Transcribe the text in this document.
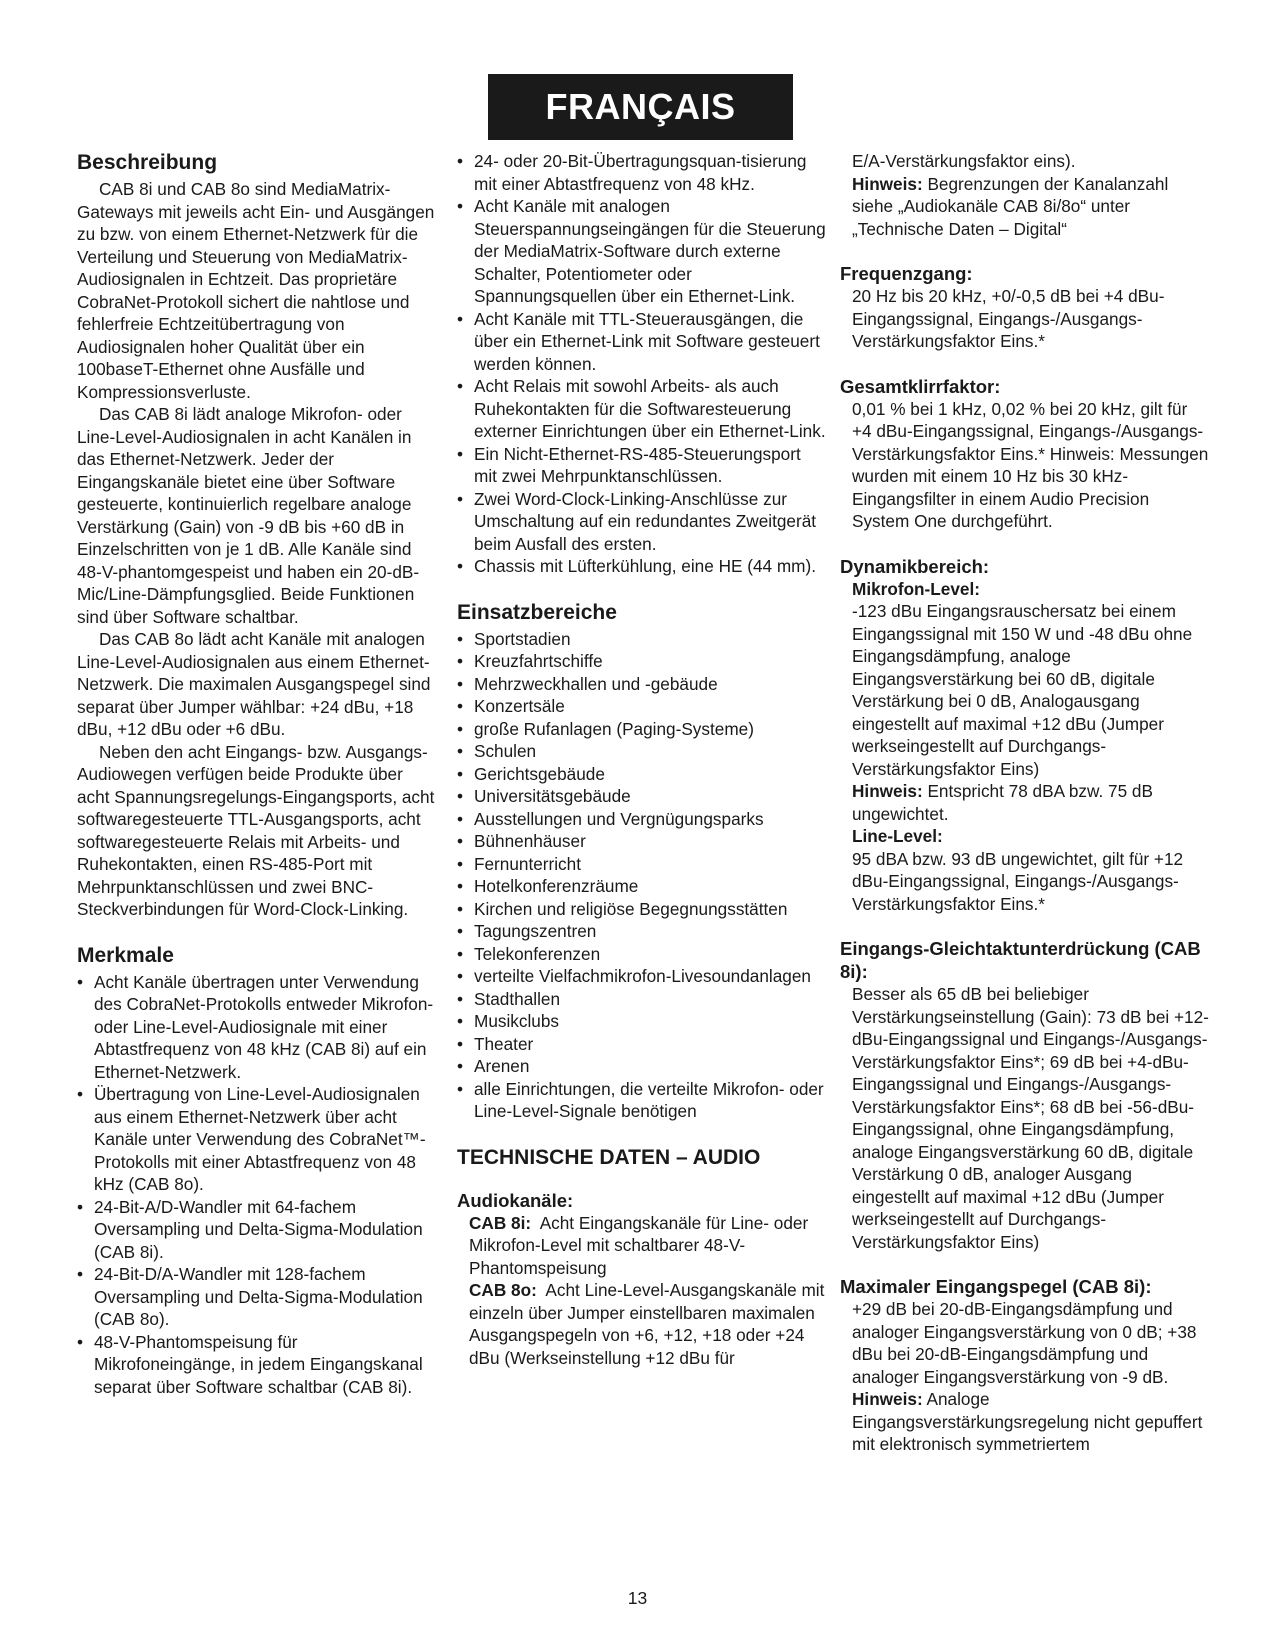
FRANÇAIS
Beschreibung

CAB 8i und CAB 8o sind MediaMatrix-Gateways mit jeweils acht Ein- und Ausgängen zu bzw. von einem Ethernet-Netzwerk für die Verteilung und Steuerung von MediaMatrix-Audiosignalen in Echtzeit. Das proprietäre CobraNet-Protokoll sichert die nahtlose und fehlerfreie Echtzeitübertragung von Audiosignalen hoher Qualität über ein 100baseT-Ethernet ohne Ausfälle und Kompressionsverluste.

Das CAB 8i lädt analoge Mikrofon- oder Line-Level-Audiosignalen in acht Kanälen in das Ethernet-Netzwerk. Jeder der Eingangskanäle bietet eine über Software gesteuerte, kontinuierlich regelbare analoge Verstärkung (Gain) von -9 dB bis +60 dB in Einzelschritten von je 1 dB. Alle Kanäle sind 48-V-phantomgespeist und haben ein 20-dB-Mic/Line-Dämpfungsglied. Beide Funktionen sind über Software schaltbar.

Das CAB 8o lädt acht Kanäle mit analogen Line-Level-Audiosignalen aus einem Ethernet-Netzwerk. Die maximalen Ausgangspegel sind separat über Jumper wählbar: +24 dBu, +18 dBu, +12 dBu oder +6 dBu.

Neben den acht Eingangs- bzw. Ausgangs-Audiowegen verfügen beide Produkte über acht Spannungsregelungs-Eingangsports, acht softwaregesteuerte TTL-Ausgangsports, acht softwaregesteuerte Relais mit Arbeits- und Ruhekontakten, einen RS-485-Port mit Mehrpunktanschlüssen und zwei BNC-Steckverbindungen für Word-Clock-Linking.

Merkmale
• Acht Kanäle übertragen unter Verwendung des CobraNet-Protokolls entweder Mikrofon- oder Line-Level-Audiosignale mit einer Abtastfrequenz von 48 kHz (CAB 8i) auf ein Ethernet-Netzwerk.
• Übertragung von Line-Level-Audiosignalen aus einem Ethernet-Netzwerk über acht Kanäle unter Verwendung des CobraNet™-Protokolls mit einer Abtastfrequenz von 48 kHz (CAB 8o).
• 24-Bit-A/D-Wandler mit 64-fachem Oversampling und Delta-Sigma-Modulation (CAB 8i).
• 24-Bit-D/A-Wandler mit 128-fachem Oversampling und Delta-Sigma-Modulation (CAB 8o).
• 48-V-Phantomspeisung für Mikrofoneingänge, in jedem Eingangskanal separat über Software schaltbar (CAB 8i).
• 24- oder 20-Bit-Übertragungsquan-tisierung mit einer Abtastfrequenz von 48 kHz.
• Acht Kanäle mit analogen Steuerspannungseingängen für die Steuerung der MediaMatrix-Software durch externe Schalter, Potentiometer oder Spannungsquellen über ein Ethernet-Link.
• Acht Kanäle mit TTL-Steuerausgängen, die über ein Ethernet-Link mit Software gesteuert werden können.
• Acht Relais mit sowohl Arbeits- als auch Ruhekontakten für die Softwaresteuerung externer Einrichtungen über ein Ethernet-Link.
• Ein Nicht-Ethernet-RS-485-Steuerungsport mit zwei Mehrpunktanschlüssen.
• Zwei Word-Clock-Linking-Anschlüsse zur Umschaltung auf ein redundantes Zweitgerät beim Ausfall des ersten.
• Chassis mit Lüfterkühlung, eine HE (44 mm).
Einsatzbereiche
• Sportstadien
• Kreuzfahrtschiffe
• Mehrzweckhallen und -gebäude
• Konzertsäle
• große Rufanlagen (Paging-Systeme)
• Schulen
• Gerichtsgebäude
• Universitätsgebäude
• Ausstellungen und Vergnügungsparks
• Bühnenhäuser
• Fernunterricht
• Hotelkonferenzräume
• Kirchen und religiöse Begegnungsstätten
• Tagungszentren
• Telekonferenzen
• verteilte Vielfachmikrofon-Livesoundanlagen
• Stadthallen
• Musikclubs
• Theater
• Arenen
• alle Einrichtungen, die verteilte Mikrofon- oder Line-Level-Signale benötigen
TECHNISCHE DATEN – AUDIO
Audiokanäle:

CAB 8i: Acht Eingangskanäle für Line- oder Mikrofon-Level mit schaltbarer 48-V-Phantomspeisung

CAB 8o: Acht Line-Level-Ausgangskanäle mit einzeln über Jumper einstellbaren maximalen Ausgangspegeln von +6, +12, +18 oder +24 dBu (Werkseinstellung +12 dBu für

E/A-Verstärkungsfaktor eins).

Hinweis: Begrenzungen der Kanalanzahl siehe „Audiokanäle CAB 8i/8o“ unter „Technische Daten – Digital“

Frequenzgang:

20 Hz bis 20 kHz, +0/-0,5 dB bei +4 dBu-Eingangssignal, Eingangs-/Ausgangs-Verstärkungsfaktor Eins.*

Gesamtklirrfaktor:

0,01 % bei 1 kHz, 0,02 % bei 20 kHz, gilt für +4 dBu-Eingangssignal, Eingangs-/Ausgangs-Verstärkungsfaktor Eins.* Hinweis: Messungen wurden mit einem 10 Hz bis 30 kHz-Eingangsfilter in einem Audio Precision System One durchgeführt.

Dynamikbereich:

Mikrofon-Level:

-123 dBu Eingangsrauschersatz bei einem Eingangssignal mit 150 W und -48 dBu ohne Eingangsdämpfung, analoge Eingangsverstärkung bei 60 dB, digitale Verstärkung bei 0 dB, Analogausgang eingestellt auf maximal +12 dBu (Jumper werkseingestellt auf Durchgangs-Verstärkungsfaktor Eins)

Hinweis: Entspricht 78 dBA bzw. 75 dB ungewichtet.

Line-Level:

95 dBA bzw. 93 dB ungewichtet, gilt für +12 dBu-Eingangssignal, Eingangs-/Ausgangs-Verstärkungsfaktor Eins.*

Eingangs-Gleichtaktunterdrückung (CAB 8i):

Besser als 65 dB bei beliebiger Verstärkungseinstellung (Gain): 73 dB bei +12-dBu-Eingangssignal und Eingangs-/Ausgangs-Verstärkungsfaktor Eins*; 69 dB bei +4-dBu-Eingangssignal und Eingangs-/Ausgangs-Verstärkungsfaktor Eins*; 68 dB bei -56-dBu-Eingangssignal, ohne Eingangsdämpfung, analoge Eingangsverstärkung 60 dB, digitale Verstärkung 0 dB, analoger Ausgang eingestellt auf maximal +12 dBu (Jumper werkseingestellt auf Durchgangs-Verstärkungsfaktor Eins)

Maximaler Eingangspegel (CAB 8i):

+29 dB bei 20-dB-Eingangsdämpfung und analoger Eingangsverstärkung von 0 dB; +38 dBu bei 20-dB-Eingangsdämpfung und analoger Eingangsverstärkung von -9 dB.

Hinweis: Analoge Eingangsverstärkungsregelung nicht gepuffert mit elektronisch symmetriertem

13
